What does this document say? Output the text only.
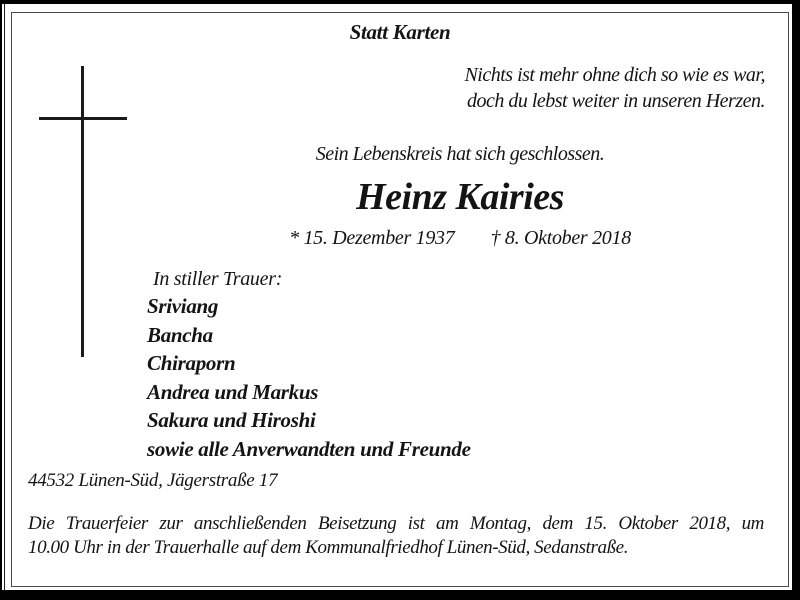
Statt Karten
Nichts ist mehr ohne dich so wie es war,
doch du lebst weiter in unseren Herzen.
Sein Lebenskreis hat sich geschlossen.
Heinz Kairies
* 15. Dezember 1937 † 8. Oktober 2018
In stiller Trauer:
Sriviang
Bancha
Chiraporn
Andrea und Markus
Sakura und Hiroshi
sowie alle Anverwandten und Freunde
44532 Lünen-Süd, Jägerstraße 17
Die Trauerfeier zur anschließenden Beisetzung ist am Montag, dem 15. Oktober 2018, um
10.00 Uhr in der Trauerhalle auf dem Kommunalfriedhof Lünen-Süd, Sedanstraße.
